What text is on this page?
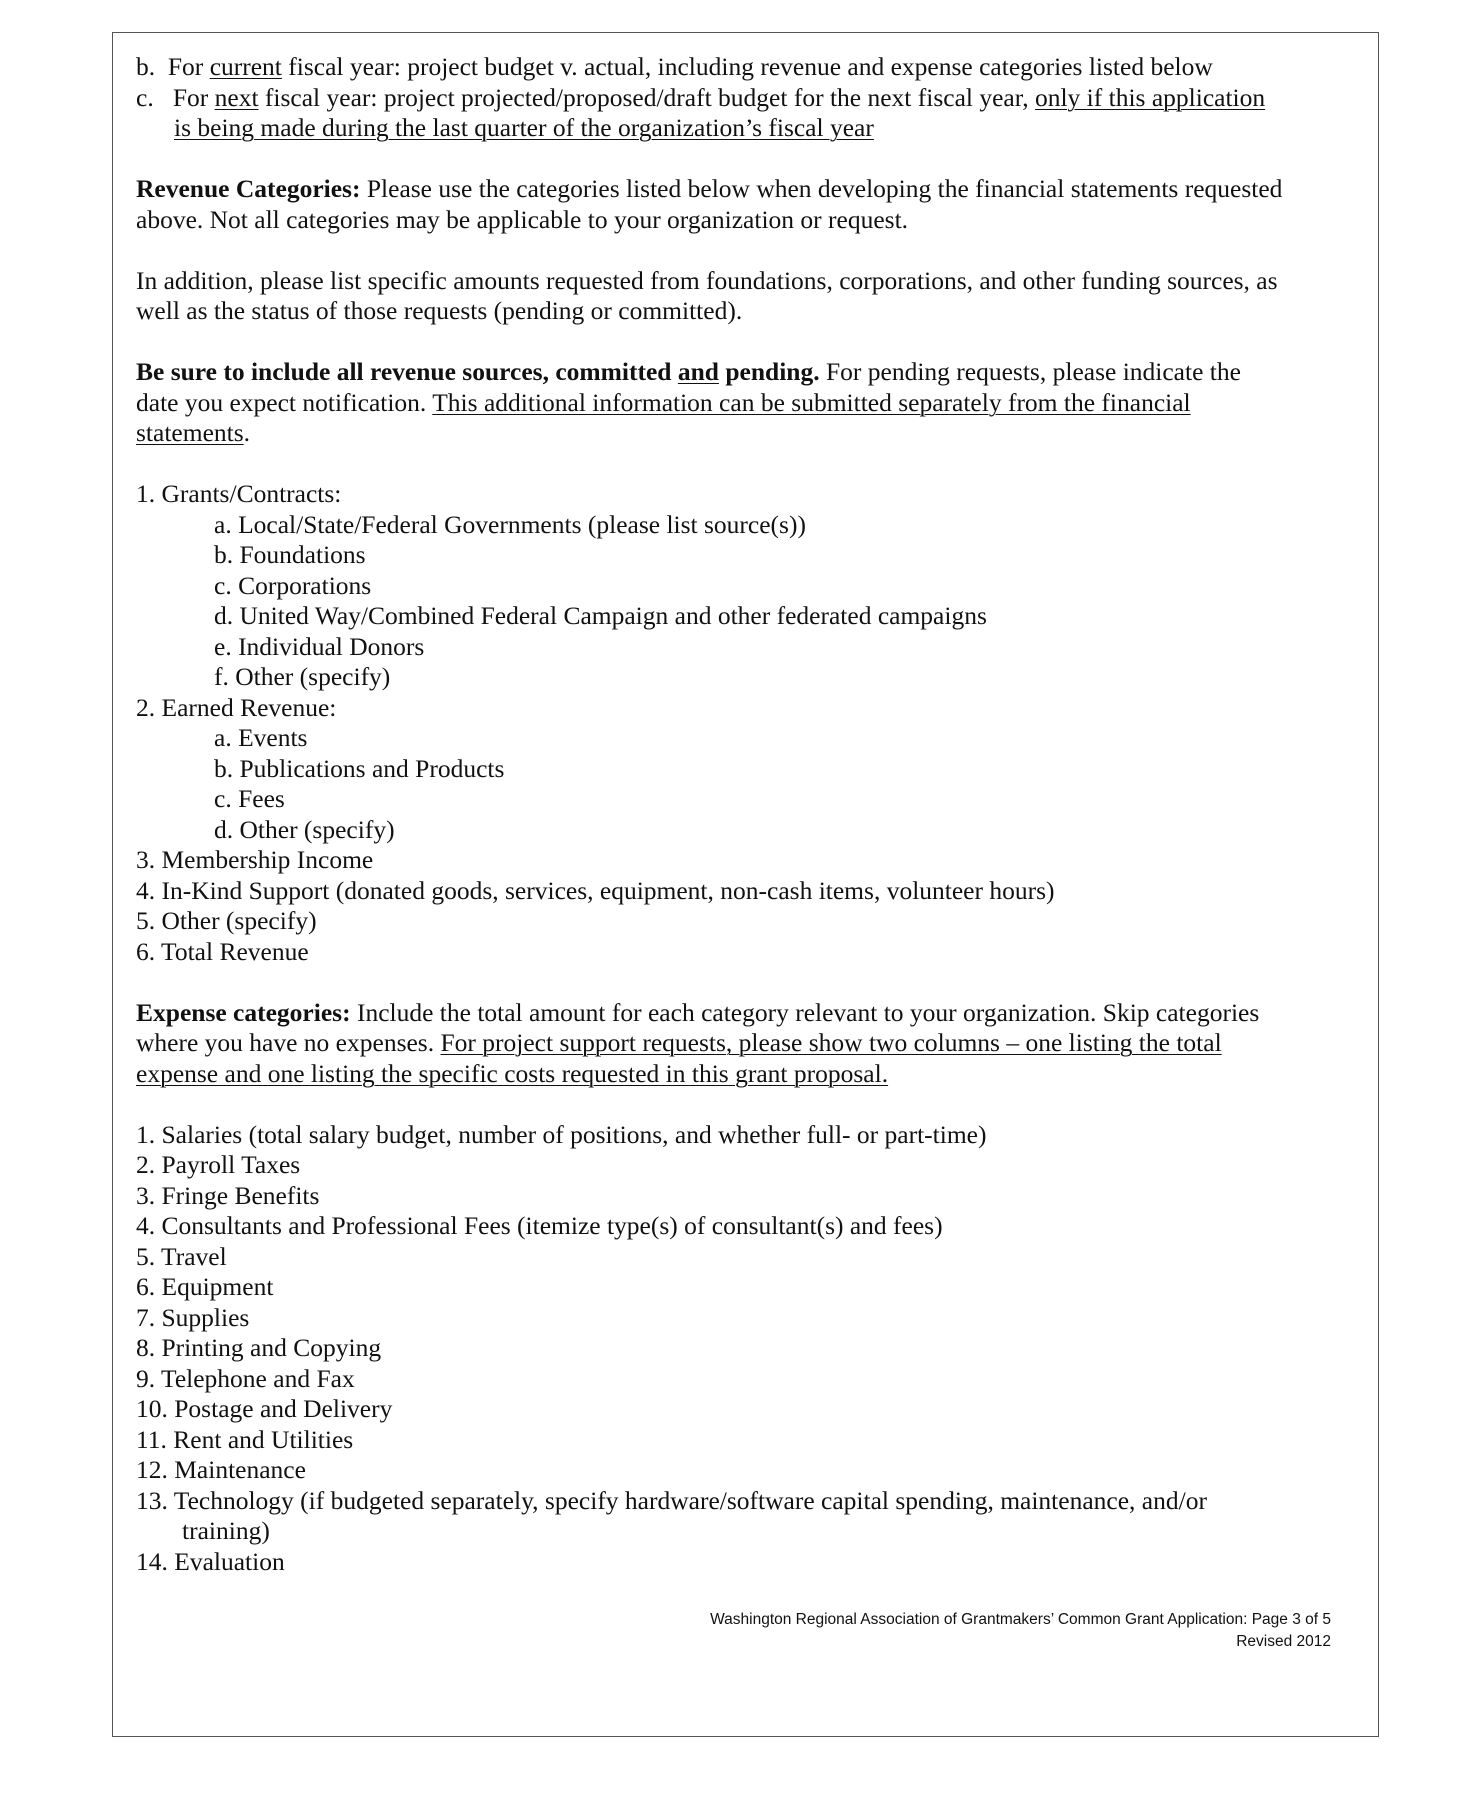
b. For current fiscal year: project budget v. actual, including revenue and expense categories listed below
c. For next fiscal year: project projected/proposed/draft budget for the next fiscal year, only if this application
is being made during the last quarter of the organization’s fiscal year
Revenue Categories: Please use the categories listed below when developing the financial statements requested
above. Not all categories may be applicable to your organization or request.
In addition, please list specific amounts requested from foundations, corporations, and other funding sources, as
well as the status of those requests (pending or committed).
Be sure to include all revenue sources, committed and pending. For pending requests, please indicate the
date you expect notification. This additional information can be submitted separately from the financial
statements.
1. Grants/Contracts:
a. Local/State/Federal Governments (please list source(s))
b. Foundations
c. Corporations
d. United Way/Combined Federal Campaign and other federated campaigns
e. Individual Donors
f. Other (specify)
2. Earned Revenue:
a. Events
b. Publications and Products
c. Fees
d. Other (specify)
3. Membership Income
4. In-Kind Support (donated goods, services, equipment, non-cash items, volunteer hours)
5. Other (specify)
6. Total Revenue
Expense categories: Include the total amount for each category relevant to your organization. Skip categories
where you have no expenses. For project support requests, please show two columns – one listing the total
expense and one listing the specific costs requested in this grant proposal.
1. Salaries (total salary budget, number of positions, and whether full- or part-time)
2. Payroll Taxes
3. Fringe Benefits
4. Consultants and Professional Fees (itemize type(s) of consultant(s) and fees)
5. Travel
6. Equipment
7. Supplies
8. Printing and Copying
9. Telephone and Fax
10. Postage and Delivery
11. Rent and Utilities
12. Maintenance
13. Technology (if budgeted separately, specify hardware/software capital spending, maintenance, and/or
training)
14. Evaluation
Washington Regional Association of Grantmakers’ Common Grant Application: Page 3 of 5
Revised 2012
